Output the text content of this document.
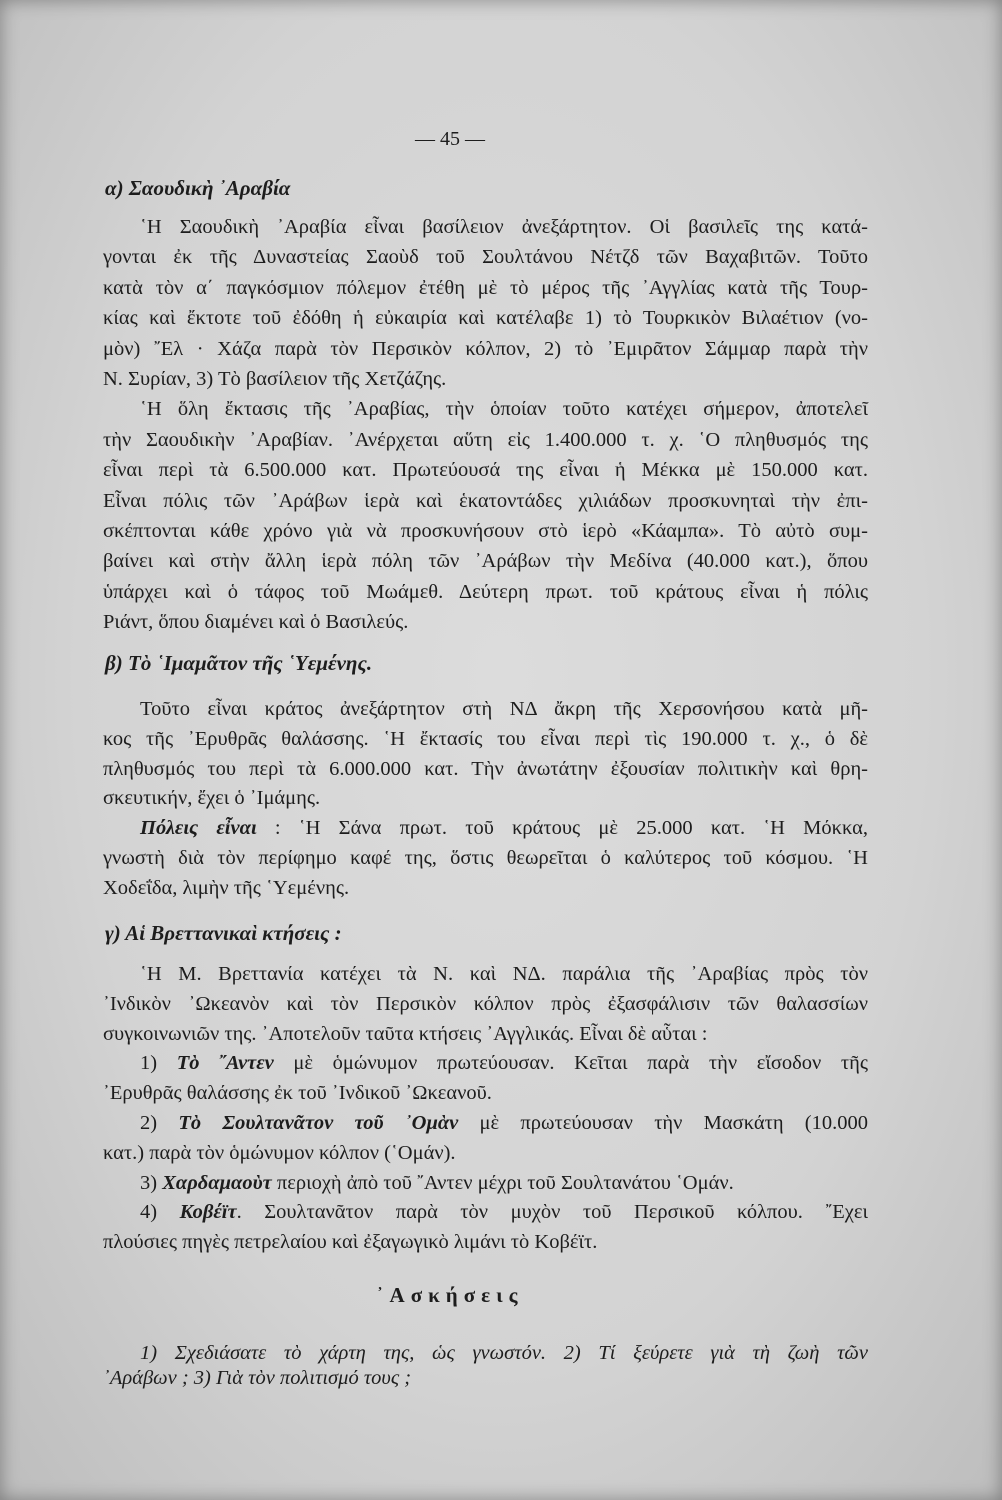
— 45 —
α) Σαουδικὴ ᾿Αραβία
῾Η Σαουδικὴ ᾿Αραβία εἶναι βασίλειον ἀνεξάρτητον. Οἱ βασιλεῖς της κατά-
γονται ἐκ τῆς Δυναστείας Σαοὺδ τοῦ Σουλτάνου Νέτζδ τῶν Βαχαβιτῶν. Τοῦτο
κατὰ τὸν α΄ παγκόσμιον πόλεμον ἐτέθη μὲ τὸ μέρος τῆς ᾿Αγγλίας κατὰ τῆς Τουρ-
κίας καὶ ἔκτοτε τοῦ ἐδόθη ἡ εὐκαιρία καὶ κατέλαβε 1) τὸ Τουρκικὸν Βιλαέτιον (νο-
μὸν) ῎Ελ · Χάζα παρὰ τὸν Περσικὸν κόλπον, 2) τὸ ᾿Εμιρᾶτον Σάμμαρ παρὰ τὴν
Ν. Συρίαν, 3) Τὸ βασίλειον τῆς Χετζάζης.
῾Η ὅλη ἔκτασις τῆς ᾿Αραβίας, τὴν ὁποίαν τοῦτο κατέχει σήμερον, ἀποτελεῖ
τὴν Σαουδικὴν ᾿Αραβίαν. ᾿Ανέρχεται αὕτη εἰς 1.400.000 τ. χ. ῾Ο πληθυσμός της
εἶναι περὶ τὰ 6.500.000 κατ. Πρωτεύουσά της εἶναι ἡ Μέκκα μὲ 150.000 κατ.
Εἶναι πόλις τῶν ᾿Αράβων ἱερὰ καὶ ἑκατοντάδες χιλιάδων προσκυνηταὶ τὴν ἐπι-
σκέπτονται κάθε χρόνο γιὰ νὰ προσκυνήσουν στὸ ἱερὸ «Κάαμπα». Τὸ αὐτὸ συμ-
βαίνει καὶ στὴν ἄλλη ἱερὰ πόλη τῶν ᾿Αράβων τὴν Μεδίνα (40.000 κατ.), ὅπου
ὑπάρχει καὶ ὁ τάφος τοῦ Μωάμεθ. Δεύτερη πρωτ. τοῦ κράτους εἶναι ἡ πόλις
Ριάντ, ὅπου διαμένει καὶ ὁ Βασιλεύς.
β) Τὸ ῾Ιμαμᾶτον τῆς ῾Υεμένης.
Τοῦτο εἶναι κράτος ἀνεξάρτητον στὴ ΝΔ ἄκρη τῆς Χερσονήσου κατὰ μῆ-
κος τῆς ᾿Ερυθρᾶς θαλάσσης. ῾Η ἔκτασίς του εἶναι περὶ τὶς 190.000 τ. χ., ὁ δὲ
πληθυσμός του περὶ τὰ 6.000.000 κατ. Τὴν ἀνωτάτην ἐξουσίαν πολιτικὴν καὶ θρη-
σκευτικήν, ἔχει ὁ ᾿Ιμάμης.
Πόλεις εἶναι : ῾Η Σάνα πρωτ. τοῦ κράτους μὲ 25.000 κατ. ῾Η Μόκκα,
γνωστὴ διὰ τὸν περίφημο καφέ της, ὅστις θεωρεῖται ὁ καλύτερος τοῦ κόσμου. ῾Η
Χοδεΐδα, λιμὴν τῆς ῾Υεμένης.
γ) Αἱ Βρεττανικαὶ κτήσεις :
῾Η Μ. Βρεττανία κατέχει τὰ Ν. καὶ ΝΔ. παράλια τῆς ᾿Αραβίας πρὸς τὸν
᾿Ινδικὸν ᾿Ωκεανὸν καὶ τὸν Περσικὸν κόλπον πρὸς ἐξασφάλισιν τῶν θαλασσίων
συγκοινωνιῶν της. ᾿Αποτελοῦν ταῦτα κτήσεις ᾿Αγγλικάς. Εἶναι δὲ αὗται :
1) Τὸ ῎Αντεν μὲ ὁμώνυμον πρωτεύουσαν. Κεῖται παρὰ τὴν εἴσοδον τῆς
᾿Ερυθρᾶς θαλάσσης ἐκ τοῦ ᾿Ινδικοῦ ᾿Ωκεανοῦ.
2) Τὸ Σουλτανᾶτον τοῦ ᾿Ομὰν μὲ πρωτεύουσαν τὴν Μασκάτη (10.000
κατ.) παρὰ τὸν ὁμώνυμον κόλπον (῾Ομάν).
3) Χαρδαμαοὺτ περιοχὴ ἀπὸ τοῦ ῎Αντεν μέχρι τοῦ Σουλτανάτου ῾Ομάν.
4) Κοβέϊτ. Σουλτανᾶτον παρὰ τὸν μυχὸν τοῦ Περσικοῦ κόλπου. ῎Εχει
πλούσιες πηγὲς πετρελαίου καὶ ἐξαγωγικὸ λιμάνι τὸ Κοβέϊτ.
1) Σχεδιάσατε τὸ χάρτη της, ὡς γνωστόν. 2) Τί ξεύρετε γιὰ τὴ ζωὴ τῶν
᾿Αράβων ; 3) Γιὰ τὸν πολιτισμό τους ;
᾿Ασκήσεις
